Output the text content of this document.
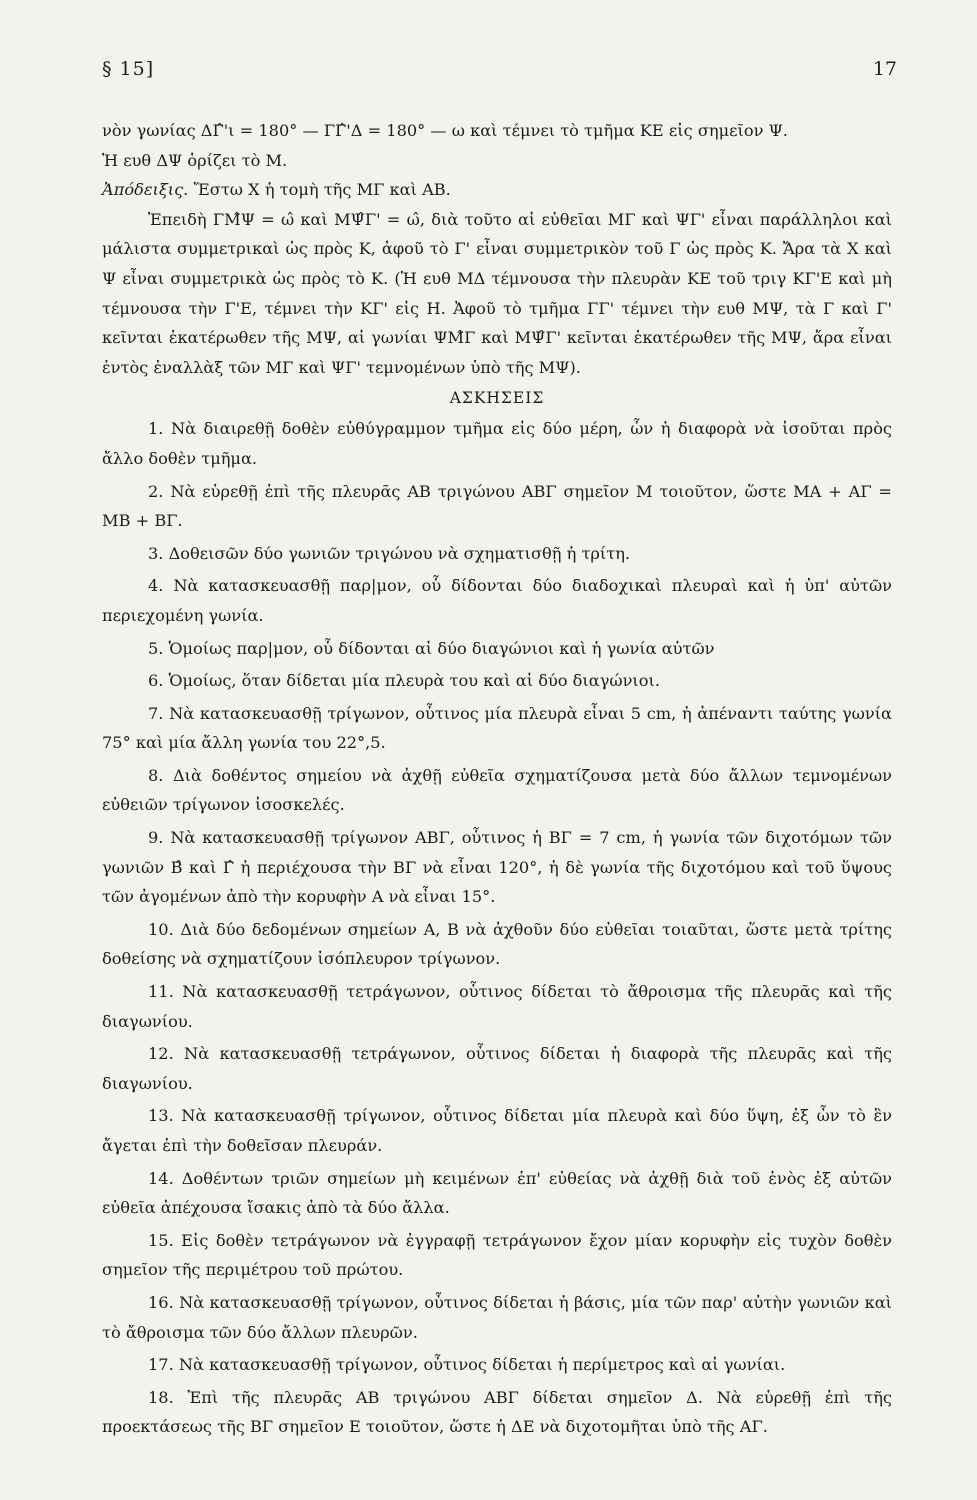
§ 15]	17

νὸν γωνίας ΔΓ̂'ι = 180° — ΓΓ̂'Δ = 180° — ω καὶ τέμνει τὸ τμῆμα ΚΕ εἰς σημεῖον Ψ.

Ἡ ευθ ΔΨ ὁρίζει τὸ Μ.

Ἀπόδειξις. Ἔστω Χ ἡ τομὴ τῆς ΜΓ καὶ ΑΒ.

Ἐπειδὴ ΓΜ̂Ψ = ω̂ καὶ ΜΨ̂Γ' = ω̂, διὰ τοῦτο αἱ εὐθεῖαι ΜΓ καὶ ΨΓ' εἶναι παράλληλοι καὶ μάλιστα συμμετρικαὶ ὡς πρὸς Κ, ἀφοῦ τὸ Γ' εἶναι συμμετρικὸν τοῦ Γ ὡς πρὸς Κ. Ἄρα τὰ Χ καὶ Ψ εἶναι συμμετρικὰ ὡς πρὸς τὸ Κ. (Ἡ ευθ ΜΔ τέμνουσα τὴν πλευρὰν ΚΕ τοῦ τριγ ΚΓ'Ε καὶ μὴ τέμνουσα τὴν Γ'Ε, τέμνει τὴν ΚΓ' εἰς Η. Ἀφοῦ τὸ τμῆμα ΓΓ' τέμνει τὴν ευθ ΜΨ, τὰ Γ καὶ Γ' κεῖνται ἑκατέρωθεν τῆς ΜΨ, αἱ γωνίαι ΨΜ̂Γ καὶ ΜΨ̂Γ' κεῖνται ἑκατέρωθεν τῆς ΜΨ, ἄρα εἶναι ἐντὸς ἐναλλὰξ τῶν ΜΓ καὶ ΨΓ' τεμνομένων ὑπὸ τῆς ΜΨ).

ΑΣΚΗΣΕΙΣ

1. Νὰ διαιρεθῇ δοθὲν εὐθύγραμμον τμῆμα εἰς δύο μέρη, ὧν ἡ διαφορὰ νὰ ἰσοῦται πρὸς ἄλλο δοθὲν τμῆμα.

2. Νὰ εὑρεθῇ ἐπὶ τῆς πλευρᾶς ΑΒ τριγώνου ΑΒΓ σημεῖον Μ τοιοῦτον, ὥστε ΜΑ + ΑΓ = ΜΒ + ΒΓ.

3. Δοθεισῶν δύο γωνιῶν τριγώνου νὰ σχηματισθῇ ἡ τρίτη.

4. Νὰ κατασκευασθῇ παρ|μον, οὗ δίδονται δύο διαδοχικαὶ πλευραὶ καὶ ἡ ὑπ' αὐτῶν περιεχομένη γωνία.

5. Ὁμοίως παρ|μον, οὗ δίδονται αἱ δύο διαγώνιοι καὶ ἡ γωνία αὐτῶν

6. Ὁμοίως, ὅταν δίδεται μία πλευρὰ του καὶ αἱ δύο διαγώνιοι.

7. Νὰ κατασκευασθῇ τρίγωνον, οὗτινος μία πλευρὰ εἶναι 5 cm, ἡ ἀπέναντι ταύτης γωνία 75° καὶ μία ἄλλη γωνία του 22°,5.

8. Διὰ δοθέντος σημείου νὰ ἀχθῇ εὐθεῖα σχηματίζουσα μετὰ δύο ἄλλων τεμνομένων εὐθειῶν τρίγωνον ἰσοσκελές.

9. Νὰ κατασκευασθῇ τρίγωνον ΑΒΓ, οὗτινος ἡ ΒΓ = 7 cm, ἡ γωνία τῶν διχοτόμων τῶν γωνιῶν Β̂ καὶ Γ̂ ἡ περιέχουσα τὴν ΒΓ νὰ εἶναι 120°, ἡ δὲ γωνία τῆς διχοτόμου καὶ τοῦ ὕψους τῶν ἀγομένων ἀπὸ τὴν κορυφὴν Α νὰ εἶναι 15°.

10. Διὰ δύο δεδομένων σημείων Α, Β νὰ ἀχθοῦν δύο εὐθεῖαι τοιαῦται, ὥστε μετὰ τρίτης δοθείσης νὰ σχηματίζουν ἰσόπλευρον τρίγωνον.

11. Νὰ κατασκευασθῇ τετράγωνον, οὗτινος δίδεται τὸ ἄθροισμα τῆς πλευρᾶς καὶ τῆς διαγωνίου.

12. Νὰ κατασκευασθῇ τετράγωνον, οὗτινος δίδεται ἡ διαφορὰ τῆς πλευρᾶς καὶ τῆς διαγωνίου.

13. Νὰ κατασκευασθῇ τρίγωνον, οὗτινος δίδεται μία πλευρὰ καὶ δύο ὕψη, ἐξ ὧν τὸ ἓν ἄγεται ἐπὶ τὴν δοθεῖσαν πλευράν.

14. Δοθέντων τριῶν σημείων μὴ κειμένων ἐπ' εὐθείας νὰ ἀχθῇ διὰ τοῦ ἑνὸς ἐξ αὐτῶν εὐθεῖα ἀπέχουσα ἴσακις ἀπὸ τὰ δύο ἄλλα.

15. Εἰς δοθὲν τετράγωνον νὰ ἐγγραφῇ τετράγωνον ἔχον μίαν κορυφὴν εἰς τυχὸν δοθὲν σημεῖον τῆς περιμέτρου τοῦ πρώτου.

16. Νὰ κατασκευασθῇ τρίγωνον, οὗτινος δίδεται ἡ βάσις, μία τῶν παρ' αὐτὴν γωνιῶν καὶ τὸ ἄθροισμα τῶν δύο ἄλλων πλευρῶν.

17. Νὰ κατασκευασθῇ τρίγωνον, οὗτινος δίδεται ἡ περίμετρος καὶ αἱ γωνίαι.

18. Ἐπὶ τῆς πλευρᾶς ΑΒ τριγώνου ΑΒΓ δίδεται σημεῖον Δ. Νὰ εὑρεθῇ ἐπὶ τῆς προεκτάσεως τῆς ΒΓ σημεῖον Ε τοιοῦτον, ὥστε ἡ ΔΕ νὰ διχοτομῆται ὑπὸ τῆς ΑΓ.
